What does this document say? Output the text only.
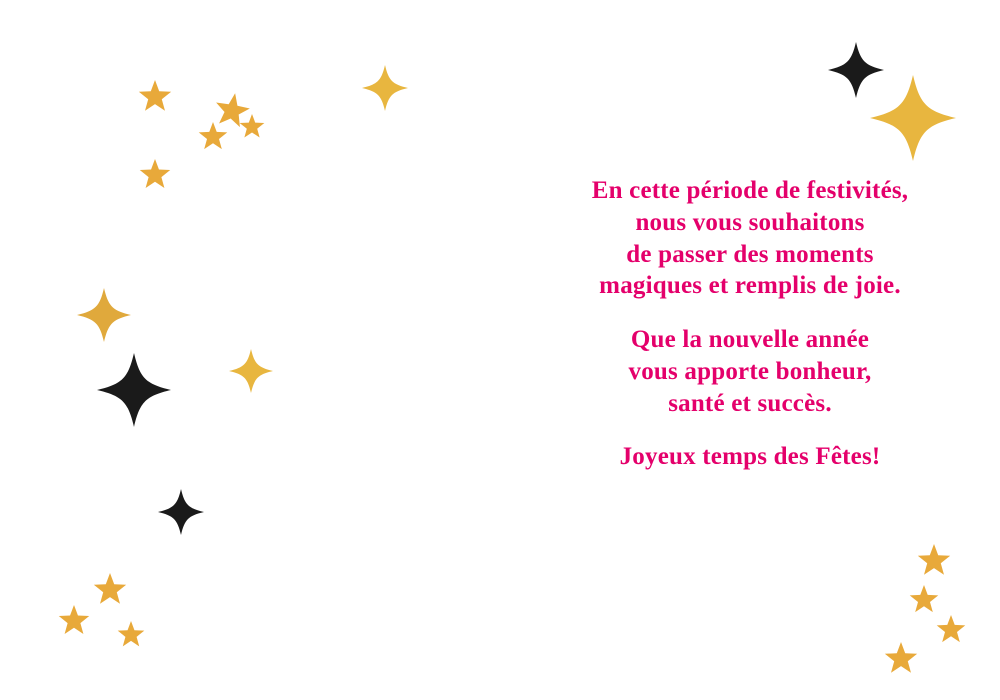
En cette période de festivités,
nous vous souhaitons
de passer des moments
magiques et remplis de joie.
Que la nouvelle année
vous apporte bonheur,
santé et succès.
Joyeux temps des Fêtes!
